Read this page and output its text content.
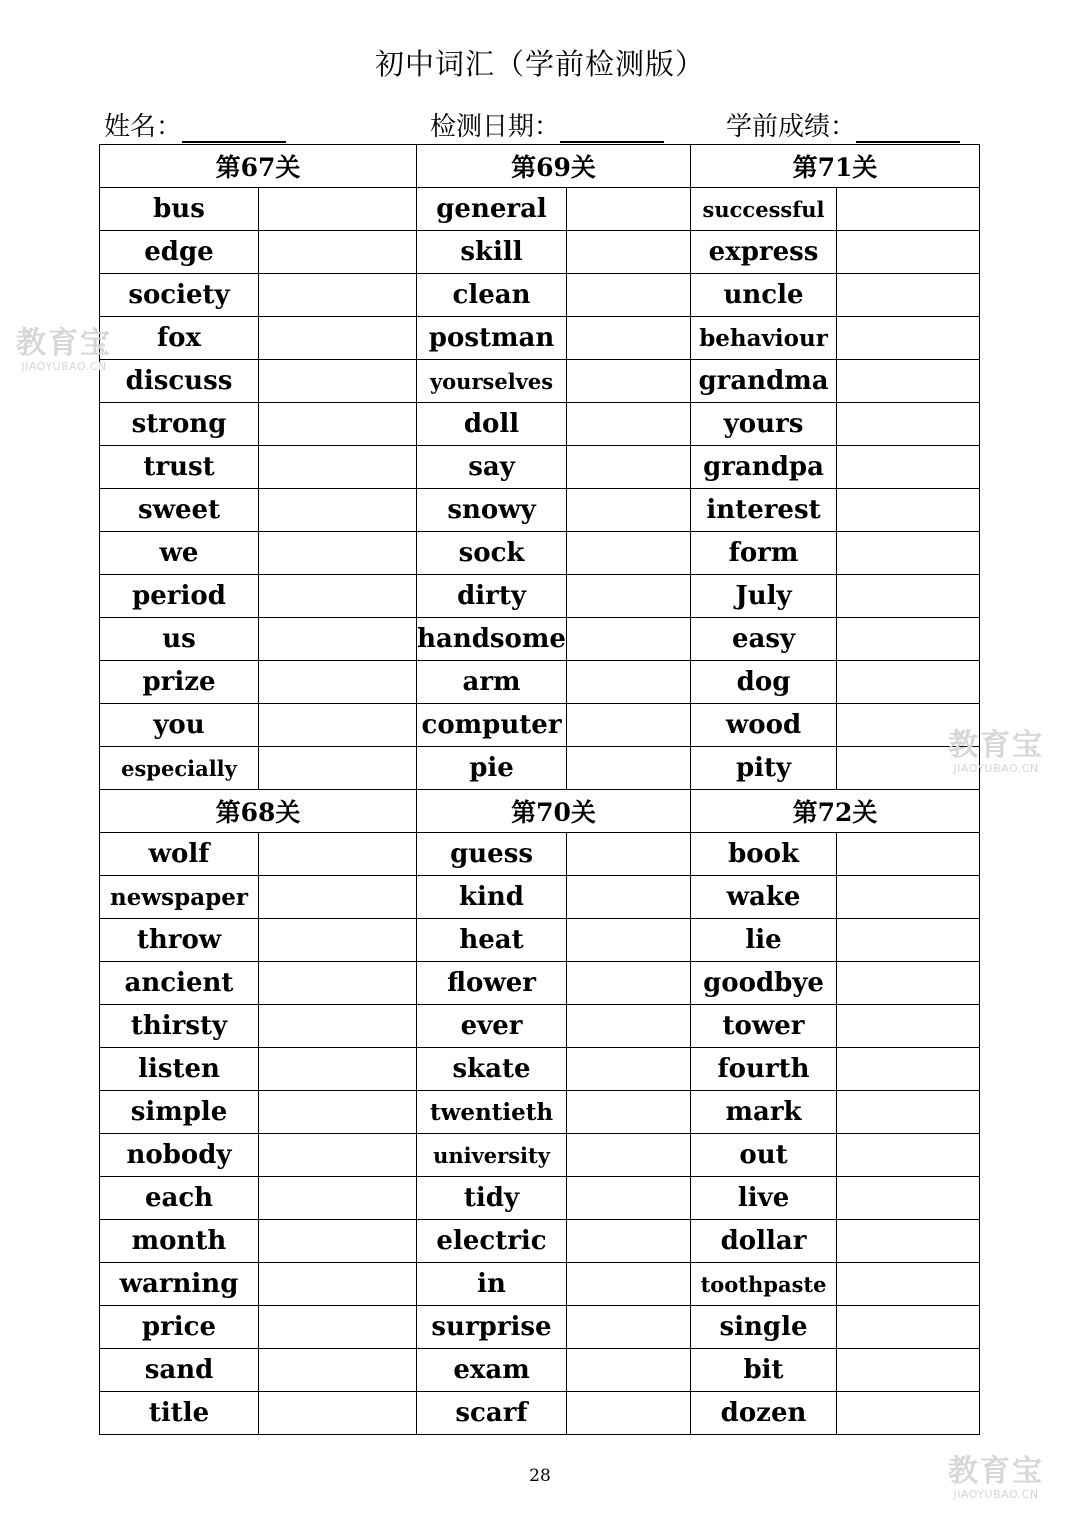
初中词汇（学前检测版）
姓名：	检测日期：	学前成绩：
第67关		第69关		第71关	
bus		general		successful	
edge		skill		express	
society		clean		uncle	
fox		postman		behaviour	
discuss		yourselves		grandma	
strong		doll		yours	
trust		say		grandpa	
sweet		snowy		interest	
we		sock		form	
period		dirty		July	
us		handsome		easy	
prize		arm		dog	
you		computer		wood	
especially		pie		pity	
第68关		第70关		第72关	
wolf		guess		book	
newspaper		kind		wake	
throw		heat		lie	
ancient		flower		goodbye	
thirsty		ever		tower	
listen		skate		fourth	
simple		twentieth		mark	
nobody		university		out	
each		tidy		live	
month		electric		dollar	
warning		in		toothpaste	
price		surprise		single	
sand		exam		bit	
title		scarf		dozen	
28
教育宝
JIAOYUBAO.CN
教育宝
JIAOYUBAO.CN
教育宝
JIAOYUBAO.CN
